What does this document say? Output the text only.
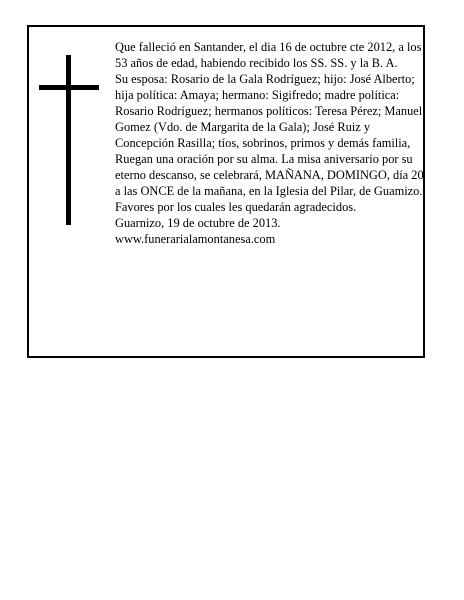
Que falleció en Santander, el dia 16 de octubre cte 2012, a los 53 años de edad, habiendo recibido los SS. SS. y la B. A.

Su esposa: Rosario de la Gala Rodríguez; hijo: José Alberto; hija política: Amaya; hermano: Sigifredo; madre política: Rosario Rodríguez; hermanos políticos: Teresa Pérez; Manuel Gomez (Vdo. de Margarita de la Gala); José Ruiz y Concepción Rasilla; tíos, sobrinos, primos y demás familia,

Ruegan una oración por su alma. La misa aniversario por su eterno descanso, se celebrará, MAÑANA, DOMINGO, día 20 a las ONCE de la mañana, en la Iglesia del Pilar, de Guamizo. Favores por los cuales les quedarán agradecidos.

Guarnizo, 19 de octubre de 2013.

www.funerarialamontanesa.com
